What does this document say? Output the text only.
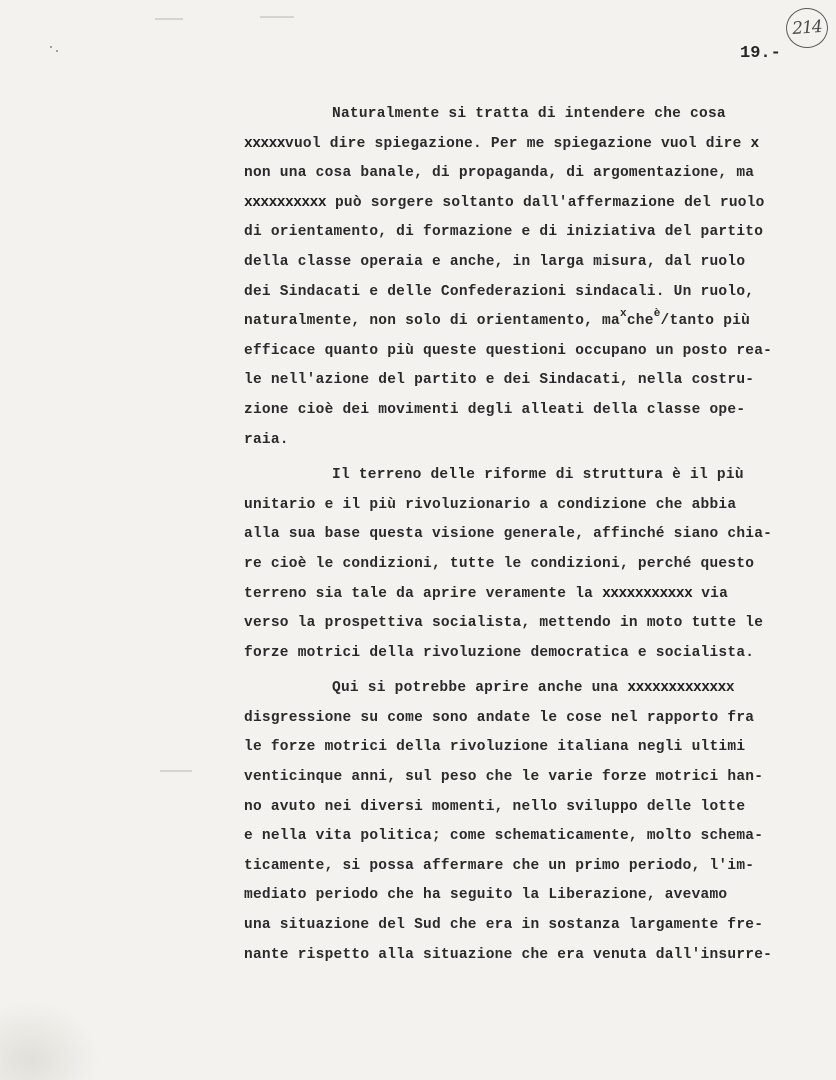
214
19.-
Naturalmente si tratta di intendere che cosa
xxxxxvuol dire spiegazione. Per me spiegazione vuol dire x
non una cosa banale, di propaganda, di argomentazione, ma
xxxxxxxxxx può sorgere soltanto dall'affermazione del ruolo
di orientamento, di formazione e di iniziativa del partito
della classe operaia e anche, in larga misura, dal ruolo
dei Sindacati e delle Confederazioni sindacali. Un ruolo,
naturalmente, non solo di orientamento, $ma^xche^è$/tanto più
efficace quanto più queste questioni occupano un posto rea-
le nell'azione del partito e dei Sindacati, nella costru-
zione cioè dei movimenti degli alleati della classe ope-
raia.
Il terreno delle riforme di struttura è il più
unitario e il più rivoluzionario a condizione che abbia
alla sua base questa visione generale, affinché siano chia-
re cioè le condizioni, tutte le condizioni, perché questo
terreno sia tale da aprire veramente la xxxxxxxxxxx via
verso la prospettiva socialista, mettendo in moto tutte le
forze motrici della rivoluzione democratica e socialista.
Qui si potrebbe aprire anche una xxxxxxxxxxxxx
disgressione su come sono andate le cose nel rapporto fra
le forze motrici della rivoluzione italiana negli ultimi
venticinque anni, sul peso che le varie forze motrici han-
no avuto nei diversi momenti, nello sviluppo delle lotte
e nella vita politica; come schematicamente, molto schema-
ticamente, si possa affermare che un primo periodo, l'im-
mediato periodo che ha seguito la Liberazione, avevamo
una situazione del Sud che era in sostanza largamente fre-
nante rispetto alla situazione che era venuta dall'insurre-
